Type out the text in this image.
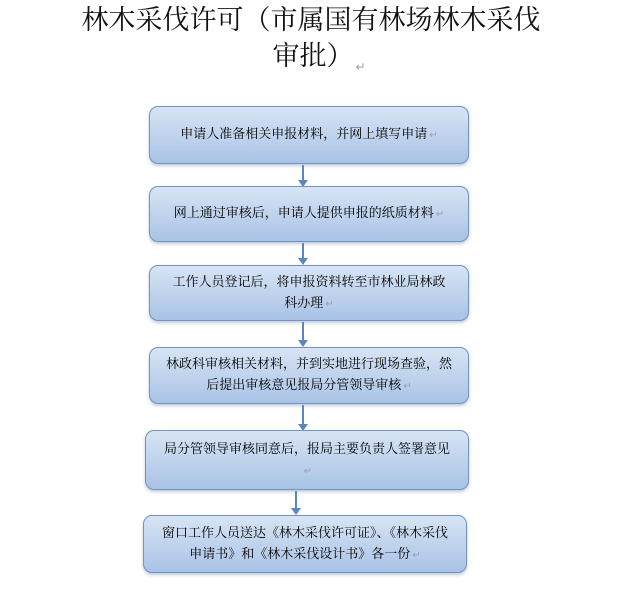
林木采伐许可（市属国有林场林木采伐
审批） $_↵$
申请人准备相关申报材料，并网上填写申请 ↵
网上通过审核后，申请人提供申报的纸质材料 ↵
工作人员登记后，将申报资料转至市林业局林政科办理 ↵
林政科审核相关材料，并到实地进行现场查验，然后提出审核意见报局分管领导审核 ↵
局分管领导审核同意后，报局主要负责人签署意见↵
窗口工作人员送达《林木采伐许可证》、《林木采伐申请书》和《林木采伐设计书》各一份 ↵
